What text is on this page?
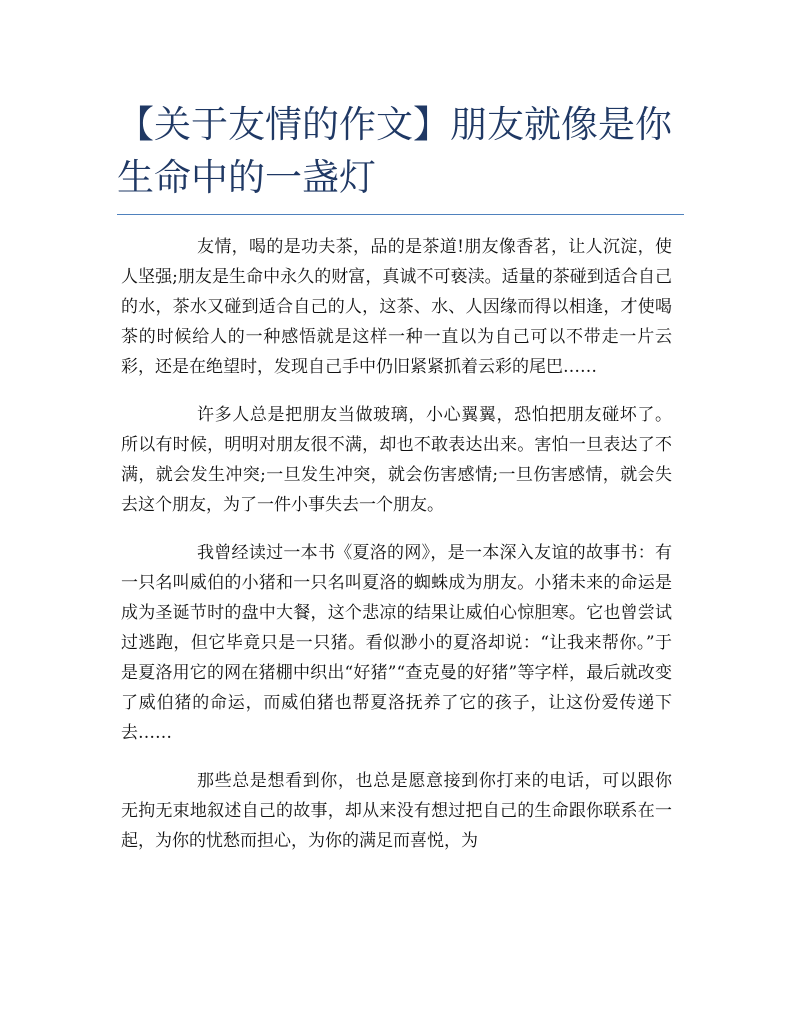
【关于友情的作文】朋友就像是你生命中的一盏灯

友情，喝的是功夫茶，品的是茶道!朋友像香茗，让人沉淀，使人坚强;朋友是生命中永久的财富，真诚不可亵渎。适量的茶碰到适合自己的水，茶水又碰到适合自己的人，这茶、水、人因缘而得以相逢，才使喝茶的时候给人的一种感悟就是这样一种一直以为自己可以不带走一片云彩，还是在绝望时，发现自己手中仍旧紧紧抓着云彩的尾巴……

许多人总是把朋友当做玻璃，小心翼翼，恐怕把朋友碰坏了。所以有时候，明明对朋友很不满，却也不敢表达出来。害怕一旦表达了不满，就会发生冲突;一旦发生冲突，就会伤害感情;一旦伤害感情，就会失去这个朋友，为了一件小事失去一个朋友。

我曾经读过一本书《夏洛的网》，是一本深入友谊的故事书：有一只名叫威伯的小猪和一只名叫夏洛的蜘蛛成为朋友。小猪未来的命运是成为圣诞节时的盘中大餐，这个悲凉的结果让威伯心惊胆寒。它也曾尝试过逃跑，但它毕竟只是一只猪。看似渺小的夏洛却说：“让我来帮你。”于是夏洛用它的网在猪棚中织出“好猪”“查克曼的好猪”等字样，最后就改变了威伯猪的命运，而威伯猪也帮夏洛抚养了它的孩子，让这份爱传递下去……

那些总是想看到你，也总是愿意接到你打来的电话，可以跟你无拘无束地叙述自己的故事，却从来没有想过把自己的生命跟你联系在一起，为你的忧愁而担心，为你的满足而喜悦，为
